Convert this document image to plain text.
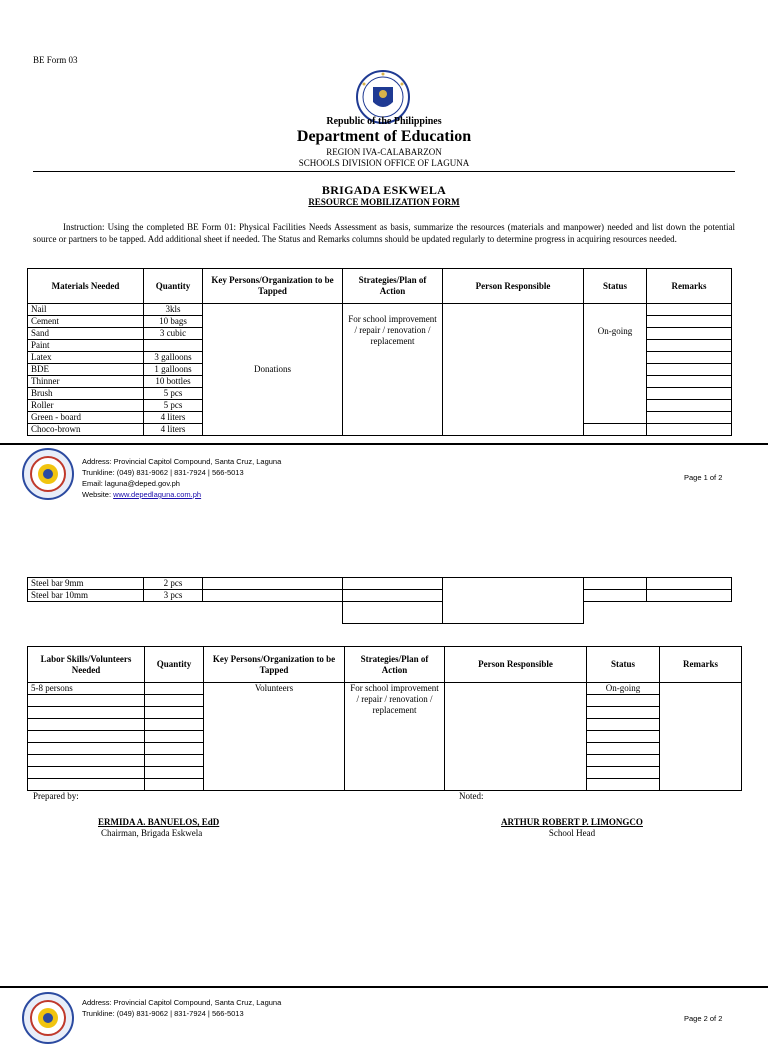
BE Form 03
Republic of the Philippines
Department of Education
REGION IVA-CALABARZON
SCHOOLS DIVISION OFFICE OF LAGUNA
BRIGADA ESKWELA
RESOURCE MOBILIZATION FORM
Instruction: Using the completed BE Form 01: Physical Facilities Needs Assessment as basis, summarize the resources (materials and manpower) needed and list down the potential source or partners to be tapped. Add additional sheet if needed. The Status and Remarks columns should be updated regularly to determine progress in acquiring resources needed.
Materials Needed	Quantity	Key Persons/Organization to be Tapped	Strategies/Plan of Action	Person Responsible	Status	Remarks
Nail	3kls	Donations	For school improvement / repair / renovation / replacement		On-going	
Cement	10 bags					
Sand	3 cubic					
Paint						
Latex	3 galloons					
BDE	1 galloons					
Thinner	10 bottles					
Brush	5 pcs					
Roller	5 pcs					
Green - board	4 liters					
Choco-brown	4 liters					
Address: Provincial Capitol Compound, Santa Cruz, Laguna
Trunkline: (049) 831-9062 | 831-7924 | 566-5013
Email: laguna@deped.gov.ph
Website: www.depedlaguna.com.ph
Page 1 of 2
Steel bar 9mm	2 pcs					
Steel bar 10mm	3 pcs					

Labor Skills/Volunteers Needed	Quantity	Key Persons/Organization to be Tapped	Strategies/Plan of Action	Person Responsible	Status	Remarks
5-8 persons		Volunteers	For school improvement / repair / renovation / replacement		On-going	

Prepared by:	Noted:
ERMIDA A. BANUELOS, EdD
Chairman, Brigada Eskwela
ARTHUR ROBERT P. LIMONGCO
School Head
Address: Provincial Capitol Compound, Santa Cruz, Laguna
Trunkline: (049) 831-9062 | 831-7924 | 566-5013
Page 2 of 2
